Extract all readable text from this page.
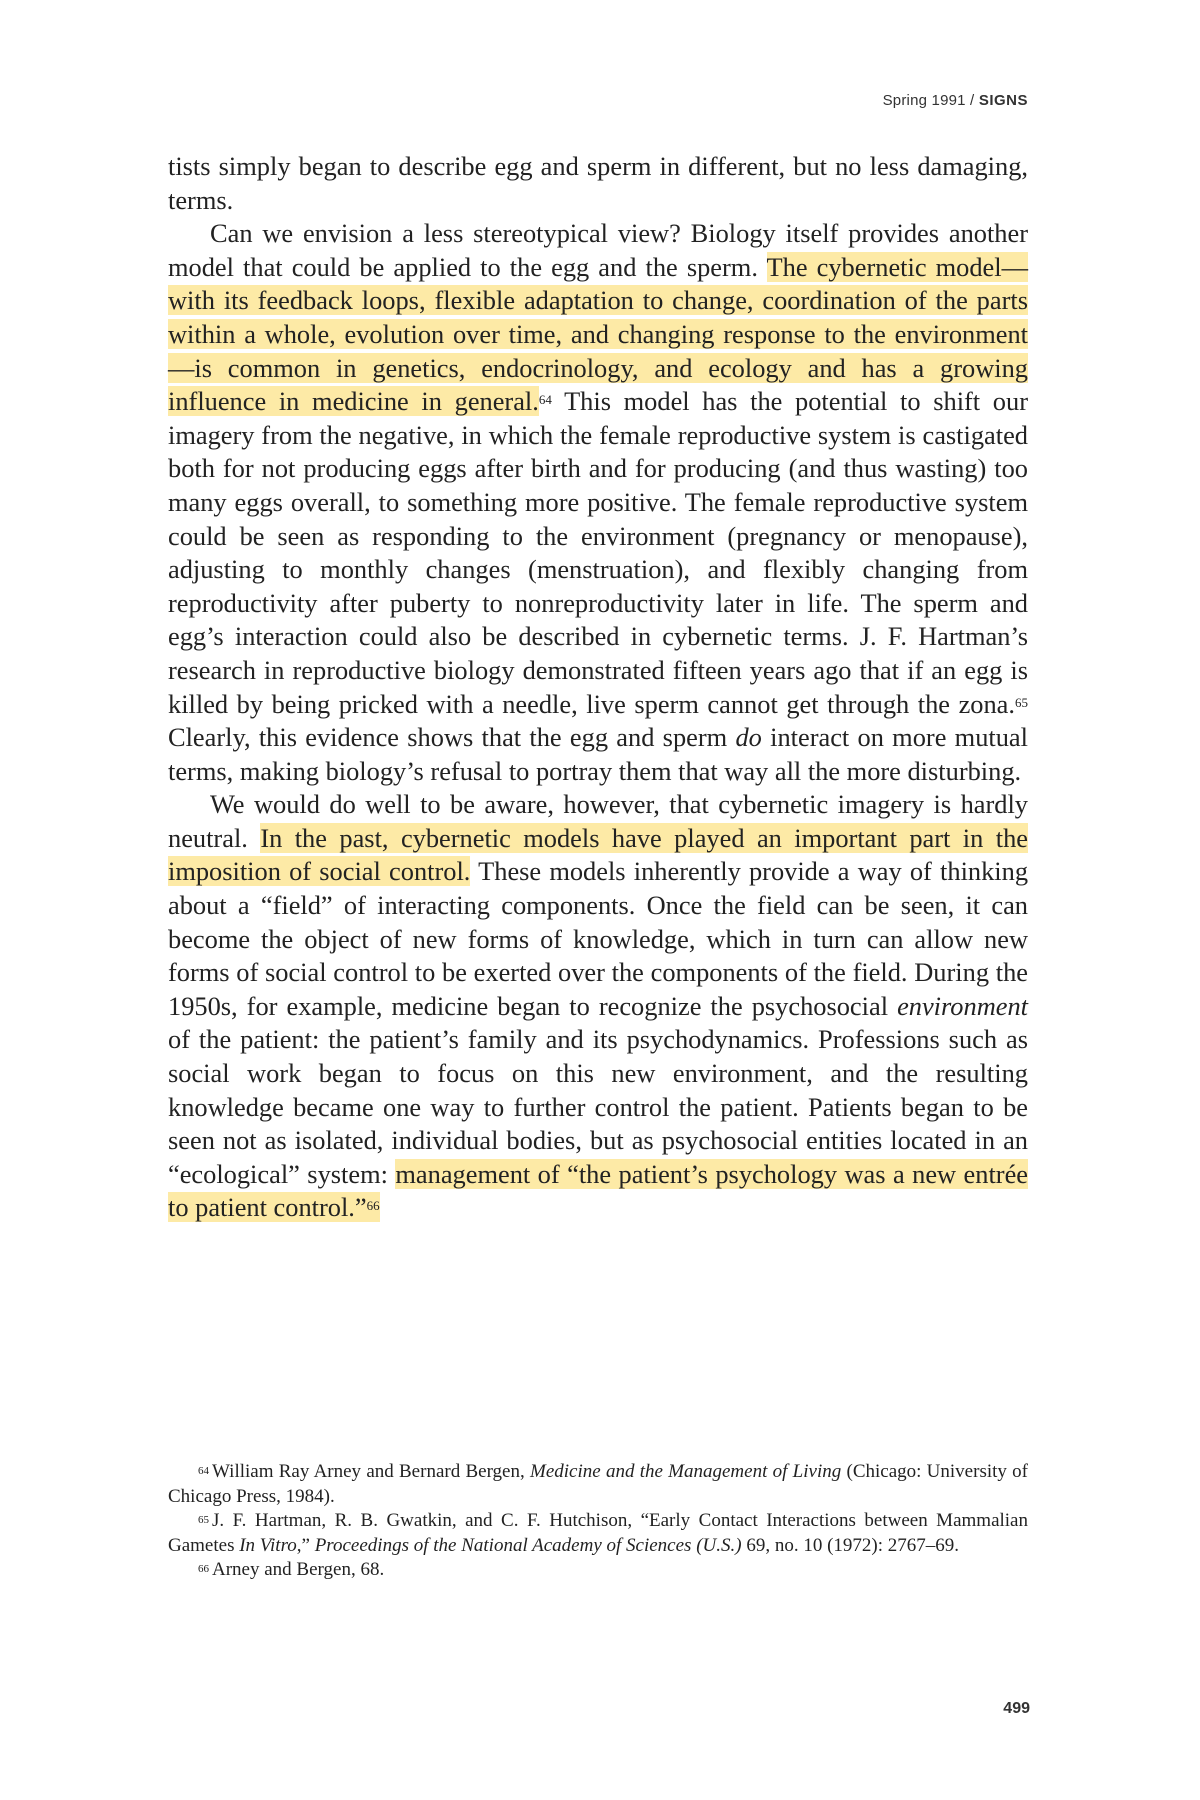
Spring 1991 / SIGNS

tists simply began to describe egg and sperm in different, but no less damaging, terms.

Can we envision a less stereotypical view? Biology itself provides another model that could be applied to the egg and the sperm. The cybernetic model—with its feedback loops, flexible adaptation to change, coordination of the parts within a whole, evolution over time, and changing response to the environment—is common in genetics, endocrinology, and ecology and has a growing influence in medicine in general.$^{64}$ This model has the potential to shift our imagery from the negative, in which the female reproductive system is castigated both for not producing eggs after birth and for producing (and thus wasting) too many eggs overall, to something more positive. The female reproductive system could be seen as responding to the environment (pregnancy or menopause), adjusting to monthly changes (menstruation), and flexibly changing from reproductivity after puberty to nonreproductivity later in life. The sperm and egg’s interaction could also be described in cybernetic terms. J. F. Hartman’s research in reproductive biology demonstrated fifteen years ago that if an egg is killed by being pricked with a needle, live sperm cannot get through the zona.$^{65}$ Clearly, this evidence shows that the egg and sperm do interact on more mutual terms, making biology’s refusal to portray them that way all the more disturbing.

We would do well to be aware, however, that cybernetic imagery is hardly neutral. In the past, cybernetic models have played an important part in the imposition of social control. These models inherently provide a way of thinking about a “field” of interacting components. Once the field can be seen, it can become the object of new forms of knowledge, which in turn can allow new forms of social control to be exerted over the components of the field. During the 1950s, for example, medicine began to recognize the psychosocial environment of the patient: the patient’s family and its psychodynamics. Professions such as social work began to focus on this new environment, and the resulting knowledge became one way to further control the patient. Patients began to be seen not as isolated, individual bodies, but as psychosocial entities located in an “ecological” system: management of “the patient’s psychology was a new entrée to patient control.”$^{66}$

$^{64}$ William Ray Arney and Bernard Bergen, Medicine and the Management of Living (Chicago: University of Chicago Press, 1984).

$^{65}$ J. F. Hartman, R. B. Gwatkin, and C. F. Hutchison, “Early Contact Interactions between Mammalian Gametes In Vitro,” Proceedings of the National Academy of Sciences (U.S.) 69, no. 10 (1972): 2767–69.

$^{66}$ Arney and Bergen, 68.

499
